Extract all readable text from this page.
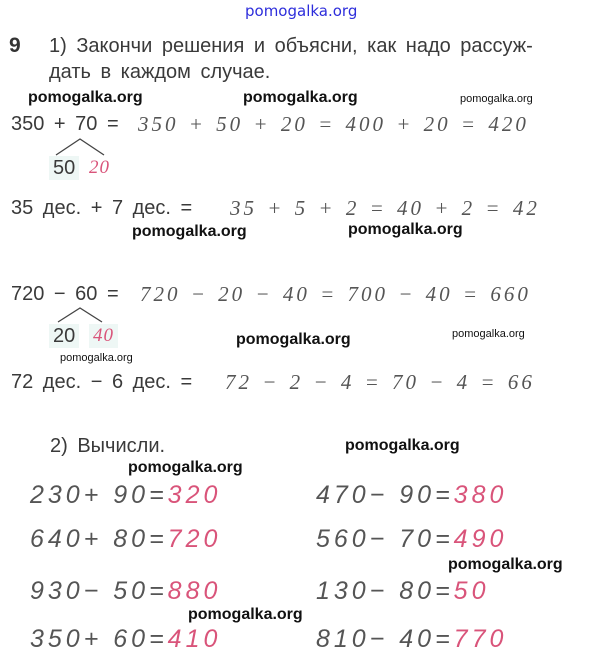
pomogalka.org
9 1) Закончи решения и объясни, как надо рассуж-
дать в каждом случае.
pomogalka.org	pomogalka.org	pomogalka.org
350 + 70 = 350 + 50 + 20 = 400 + 20 = 420
50 20
35 дес. + 7 дес. = 35 + 5 + 2 = 40 + 2 = 42
pomogalka.org	pomogalka.org
720 − 60 = 720 − 20 − 40 = 700 − 40 = 660
20 40	pomogalka.org	pomogalka.org
pomogalka.org
72 дес. − 6 дес. = 72 − 2 − 4 = 70 − 4 = 66
2) Вычисли.	pomogalka.org
pomogalka.org
230+ 90=320
640+ 80=720
930− 50=880
350+ 60=410
470− 90=380
560− 70=490
130− 80=50
810− 40=770
pomogalka.org
pomogalka.org
